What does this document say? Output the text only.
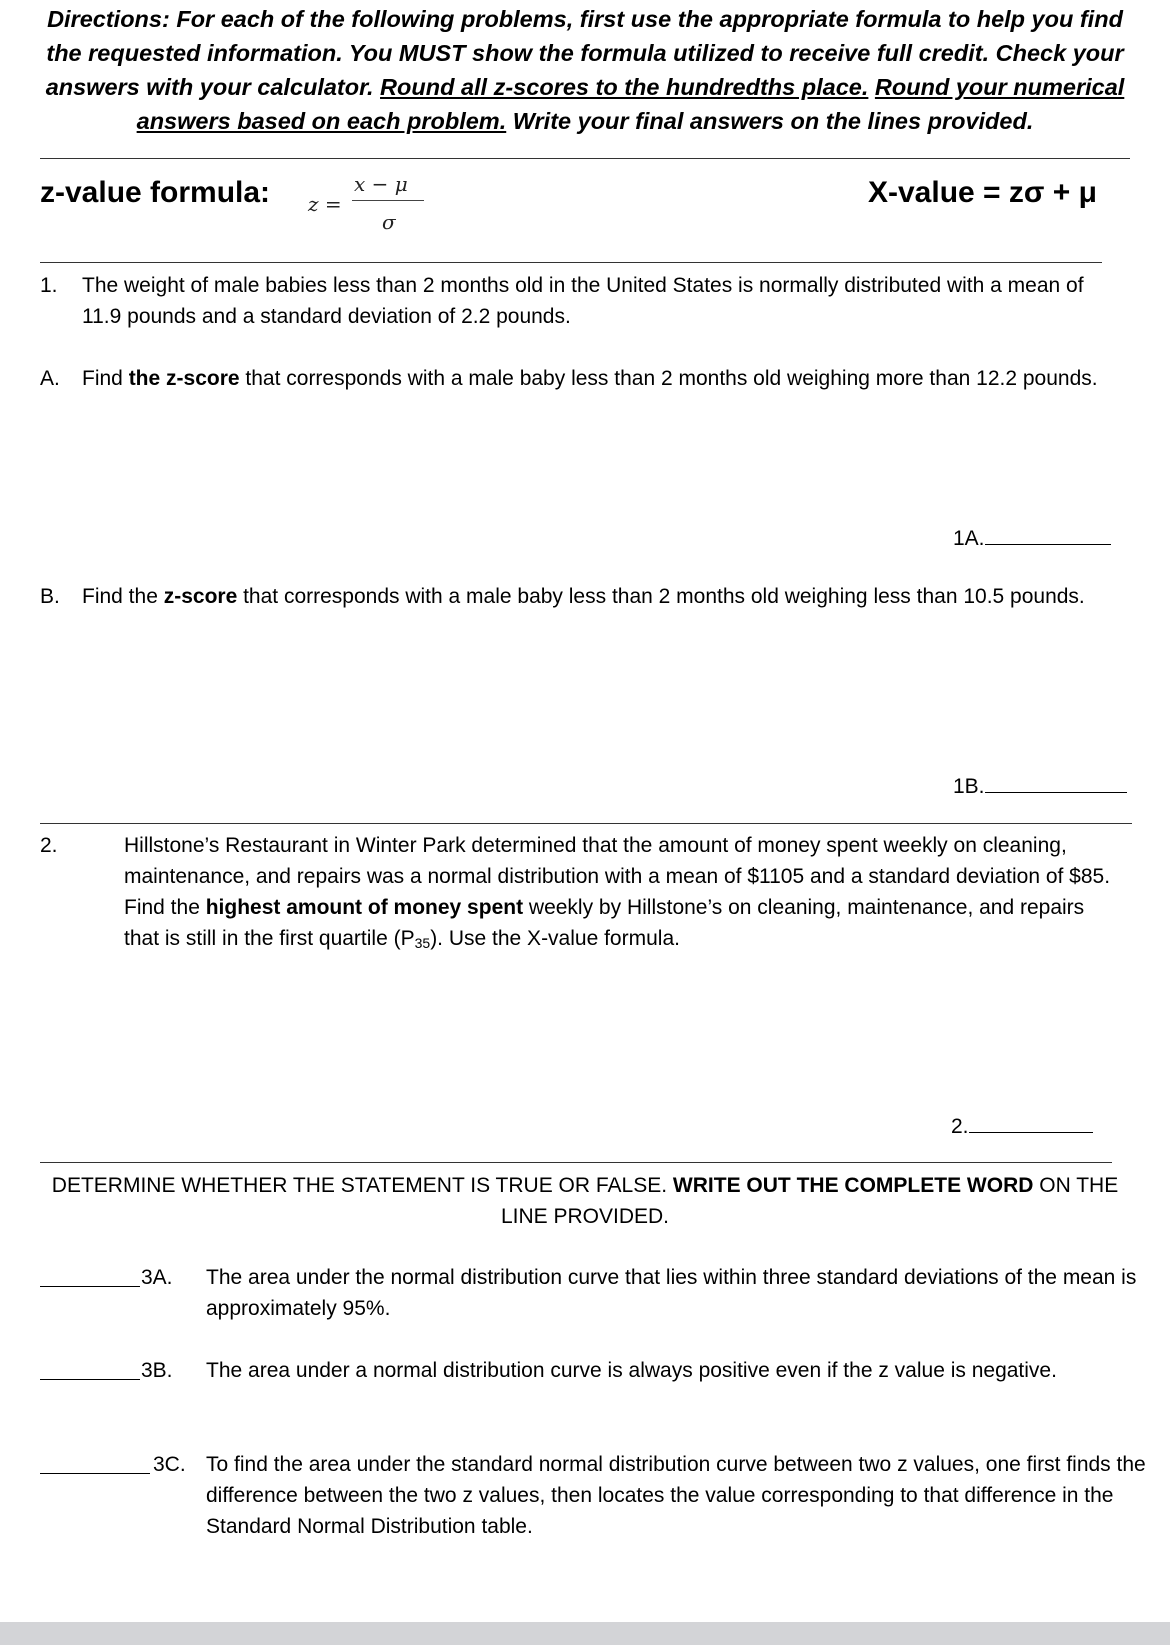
Directions: For each of the following problems, first use the appropriate formula to help you find the requested information. You MUST show the formula utilized to receive full credit. Check your answers with your calculator. Round all z-scores to the hundredths place. Round your numerical answers based on each problem. Write your final answers on the lines provided.
z-value formula: z =
x − μ
σ
X-value = zσ + μ
1. The weight of male babies less than 2 months old in the United States is normally distributed with a mean of 11.9 pounds and a standard deviation of 2.2 pounds.
A. Find the z-score that corresponds with a male baby less than 2 months old weighing more than 12.2 pounds.
1A.
B. Find the z-score that corresponds with a male baby less than 2 months old weighing less than 10.5 pounds.
1B.
2.	Hillstone’s Restaurant in Winter Park determined that the amount of money spent weekly on cleaning, maintenance, and repairs was a normal distribution with a mean of $1105 and a standard deviation of $85. Find the highest amount of money spent weekly by Hillstone’s on cleaning, maintenance, and repairs that is still in the first quartile $(P_{35})$. Use the X-value formula.
2.
DETERMINE WHETHER THE STATEMENT IS TRUE OR FALSE. WRITE OUT THE COMPLETE WORD ON THE LINE PROVIDED.
3A. The area under the normal distribution curve that lies within three standard deviations of the mean is approximately 95%.
3B. The area under a normal distribution curve is always positive even if the z value is negative.
3C. To find the area under the standard normal distribution curve between two z values, one first finds the difference between the two z values, then locates the value corresponding to that difference in the Standard Normal Distribution table.
